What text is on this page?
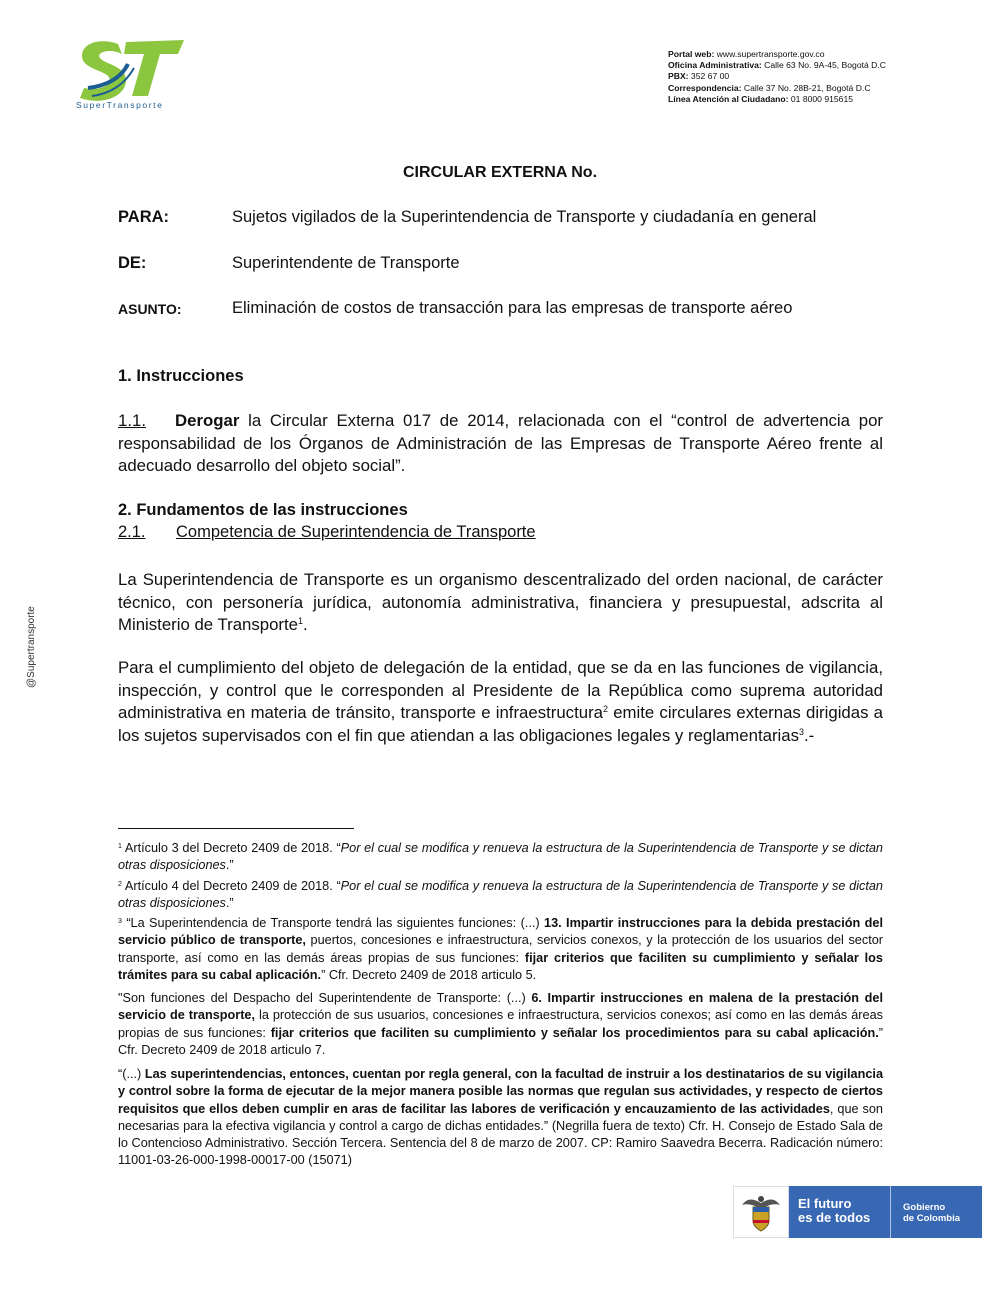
SuperTransporte
Portal web: www.supertransporte.gov.co
Oficina Administrativa: Calle 63 No. 9A-45, Bogotá D.C
PBX: 352 67 00
Correspondencia: Calle 37 No. 28B-21, Bogotá D.C
Línea Atención al Ciudadano: 01 8000 915615
@Supertransporte
CIRCULAR EXTERNA No.
PARA:	Sujetos vigilados de la Superintendencia de Transporte y ciudadanía en general
DE:	Superintendente de Transporte
ASUNTO:	Eliminación de costos de transacción para las empresas de transporte aéreo
1. Instrucciones
1.1. Derogar la Circular Externa 017 de 2014, relacionada con el “control de advertencia por responsabilidad de los Órganos de Administración de las Empresas de Transporte Aéreo frente al adecuado desarrollo del objeto social”.
2. Fundamentos de las instrucciones
2.1. Competencia de Superintendencia de Transporte
La Superintendencia de Transporte es un organismo descentralizado del orden nacional, de carácter técnico, con personería jurídica, autonomía administrativa, financiera y presupuestal, adscrita al Ministerio de Transporte$^1$.
Para el cumplimiento del objeto de delegación de la entidad, que se da en las funciones de vigilancia, inspección, y control que le corresponden al Presidente de la República como suprema autoridad administrativa en materia de tránsito, transporte e infraestructura$^2$ emite circulares externas dirigidas a los sujetos supervisados con el fin que atiendan a las obligaciones legales y reglamentarias$^3$.-
$^1$ Artículo 3 del Decreto 2409 de 2018. “Por el cual se modifica y renueva la estructura de la Superintendencia de Transporte y se dictan otras disposiciones.”
$^2$ Artículo 4 del Decreto 2409 de 2018. “Por el cual se modifica y renueva la estructura de la Superintendencia de Transporte y se dictan otras disposiciones.”
$^3$ “La Superintendencia de Transporte tendrá las siguientes funciones: (...) 13. Impartir instrucciones para la debida prestación del servicio público de transporte, puertos, concesiones e infraestructura, servicios conexos, y la protección de los usuarios del sector transporte, así como en las demás áreas propias de sus funciones: fijar criterios que faciliten su cumplimiento y señalar los trámites para su cabal aplicación.” Cfr. Decreto 2409 de 2018 articulo 5.
"Son funciones del Despacho del Superintendente de Transporte: (...) 6. Impartir instrucciones en malena de la prestación del servicio de transporte, la protección de sus usuarios, concesiones e infraestructura, servicios conexos; así como en las demás áreas propias de sus funciones: fijar criterios que faciliten su cumplimiento y señalar los procedimientos para su cabal aplicación.” Cfr. Decreto 2409 de 2018 articulo 7.
“(...) Las superintendencias, entonces, cuentan por regla general, con la facultad de instruir a los destinatarios de su vigilancia y control sobre la forma de ejecutar de la mejor manera posible las normas que regulan sus actividades, y respecto de ciertos requisitos que ellos deben cumplir en aras de facilitar las labores de verificación y encauzamiento de las actividades, que son necesarias para la efectiva vigilancia y control a cargo de dichas entidades.” (Negrilla fuera de texto) Cfr. H. Consejo de Estado Sala de lo Contencioso Administrativo. Sección Tercera. Sentencia del 8 de marzo de 2007. CP: Ramiro Saavedra Becerra. Radicación número: 11001-03-26-000-1998-00017-00 (15071)
El futuro
es de todos
Gobierno
de Colombia
